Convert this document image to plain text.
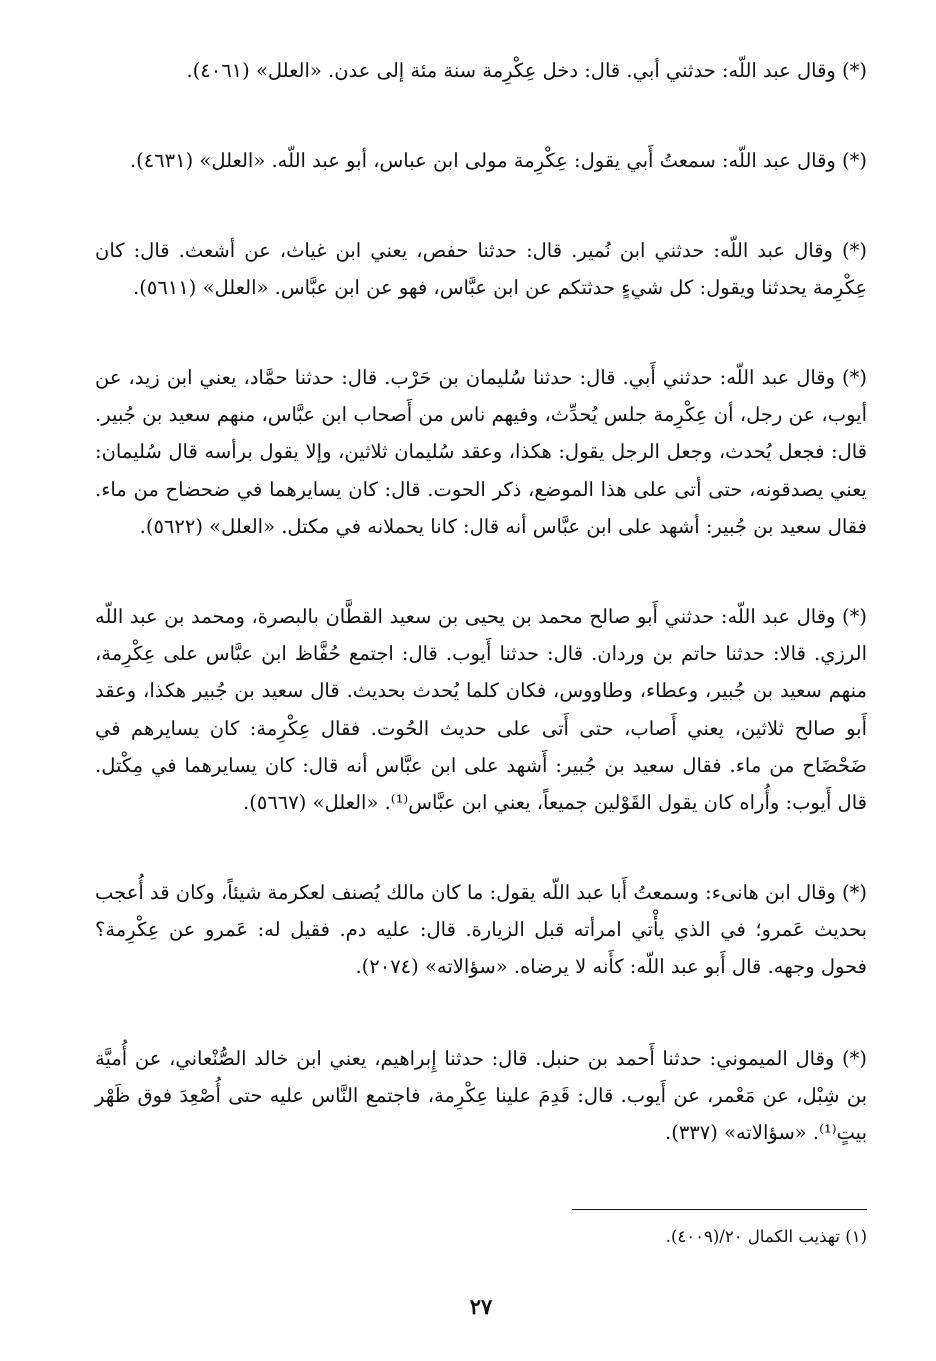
(*) وقال عبد اللّه: حدثني أبي. قال: دخل عِكْرِمة سنة مئة إلى عدن. «العلل» (٤٠٦١).

(*) وقال عبد اللّه: سمعتُ أَبي يقول: عِكْرِمة مولى ابن عباس، أبو عبد اللّه. «العلل» (٤٦٣١).

(*) وقال عبد اللّه: حدثني ابن نُمير. قال: حدثنا حفص، يعني ابن غياث، عن أشعث. قال: كان عِكْرِمة يحدثنا ويقول: كل شيءٍ حدثتكم عن ابن عبَّاس، فهو عن ابن عبَّاس. «العلل» (٥٦١١).

(*) وقال عبد اللّه: حدثني أَبي. قال: حدثنا سُليمان بن حَرْب. قال: حدثنا حمَّاد، يعني ابن زيد، عن أيوب، عن رجل، أن عِكْرِمة جلس يُحدِّث، وفيهم ناس من أَصحاب ابن عبَّاس، منهم سعيد بن جُبير. قال: فجعل يُحدث، وجعل الرجل يقول: هكذا، وعقد سُليمان ثلاثين، وإلا يقول برأسه قال سُليمان: يعني يصدقونه، حتى أتى على هذا الموضع، ذكر الحوت. قال: كان يسايرهما في ضحضاح من ماء. فقال سعيد بن جُبير: أشهد على ابن عبَّاس أنه قال: كانا يحملانه في مكتل. «العلل» (٥٦٢٢).

(*) وقال عبد اللّه: حدثني أَبو صالح محمد بن يحيى بن سعيد القطَّان بالبصرة، ومحمد بن عبد اللّه الرزي. قالا: حدثنا حاتم بن وردان. قال: حدثنا أَيوب. قال: اجتمع حُفَّاظ ابن عبَّاس على عِكْرِمة، منهم سعيد بن جُبير، وعطاء، وطاووس، فكان كلما يُحدث بحديث. قال سعيد بن جُبير هكذا، وعقد أَبو صالح ثلاثين، يعني أَصاب، حتى أَتى على حديث الحُوت. فقال عِكْرِمة: كان يسايرهم في ضَحْضَاح من ماء. فقال سعيد بن جُبير: أَشهد على ابن عبَّاس أنه قال: كان يسايرهما في مِكْتل. قال أَيوب: وأُراه كان يقول القَوْلين جميعاً، يعني ابن عبَّاس⁽¹⁾. «العلل» (٥٦٦٧).

(*) وقال ابن هانىء: وسمعتُ أَبا عبد اللّه يقول: ما كان مالك يُصنف لعكرمة شيئاً، وكان قد أُعجب بحديث عَمرو؛ في الذي يأْتي امرأته قبل الزيارة. قال: عليه دم. فقيل له: عَمرو عن عِكْرِمة؟ فحول وجهه. قال أَبو عبد اللّه: كأَنه لا يرضاه. «سؤالاته» (٢٠٧٤).

(*) وقال الميموني: حدثنا أَحمد بن حنبل. قال: حدثنا إِبراهيم، يعني ابن خالد الصُّنْعاني، عن أُميَّة بن شِبْل، عن مَعْمر، عن أَيوب. قال: قَدِمَ علينا عِكْرِمة، فاجتمع النَّاس عليه حتى أُصْعِدَ فوق ظَهْر بيتٍ⁽¹⁾. «سؤالاته» (٣٣٧).

(١) تهذيب الكمال ٢٠/(٤٠٠٩).

٢٧
